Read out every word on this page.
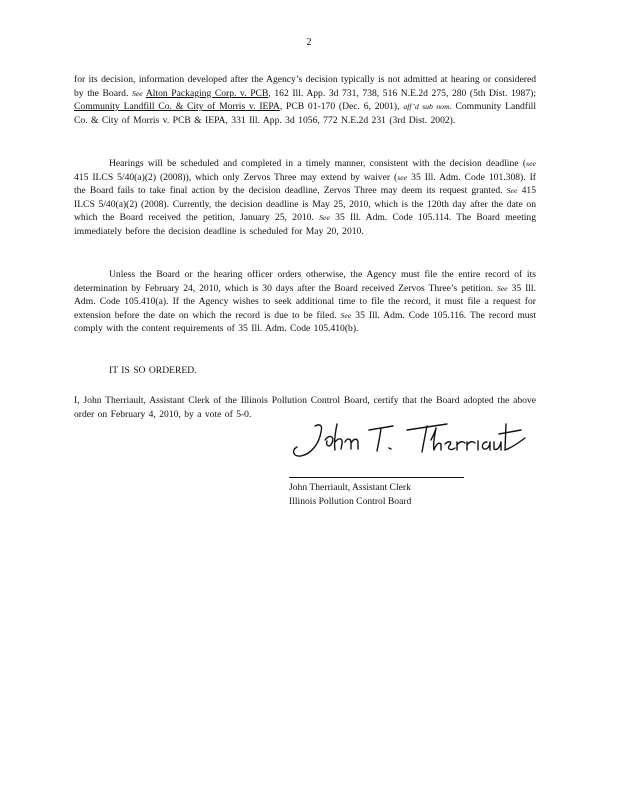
2
for its decision, information developed after the Agency’s decision typically is not admitted at hearing or considered by the Board. See Alton Packaging Corp. v. PCB, 162 Ill. App. 3d 731, 738, 516 N.E.2d 275, 280 (5th Dist. 1987); Community Landfill Co. & City of Morris v. IEPA, PCB 01-170 (Dec. 6, 2001), aff’d sub nom. Community Landfill Co. & City of Morris v. PCB & IEPA, 331 Ill. App. 3d 1056, 772 N.E.2d 231 (3rd Dist. 2002).
Hearings will be scheduled and completed in a timely manner, consistent with the decision deadline (see 415 ILCS 5/40(a)(2) (2008)), which only Zervos Three may extend by waiver (see 35 Ill. Adm. Code 101.308). If the Board fails to take final action by the decision deadline, Zervos Three may deem its request granted. See 415 ILCS 5/40(a)(2) (2008). Currently, the decision deadline is May 25, 2010, which is the 120th day after the date on which the Board received the petition, January 25, 2010. See 35 Ill. Adm. Code 105.114. The Board meeting immediately before the decision deadline is scheduled for May 20, 2010.
Unless the Board or the hearing officer orders otherwise, the Agency must file the entire record of its determination by February 24, 2010, which is 30 days after the Board received Zervos Three’s petition. See 35 Ill. Adm. Code 105.410(a). If the Agency wishes to seek additional time to file the record, it must file a request for extension before the date on which the record is due to be filed. See 35 Ill. Adm. Code 105.116. The record must comply with the content requirements of 35 Ill. Adm. Code 105.410(b).
IT IS SO ORDERED.
I, John Therriault, Assistant Clerk of the Illinois Pollution Control Board, certify that the Board adopted the above order on February 4, 2010, by a vote of 5-0.	John T. Therriault
John Therriault, Assistant Clerk
Illinois Pollution Control Board
